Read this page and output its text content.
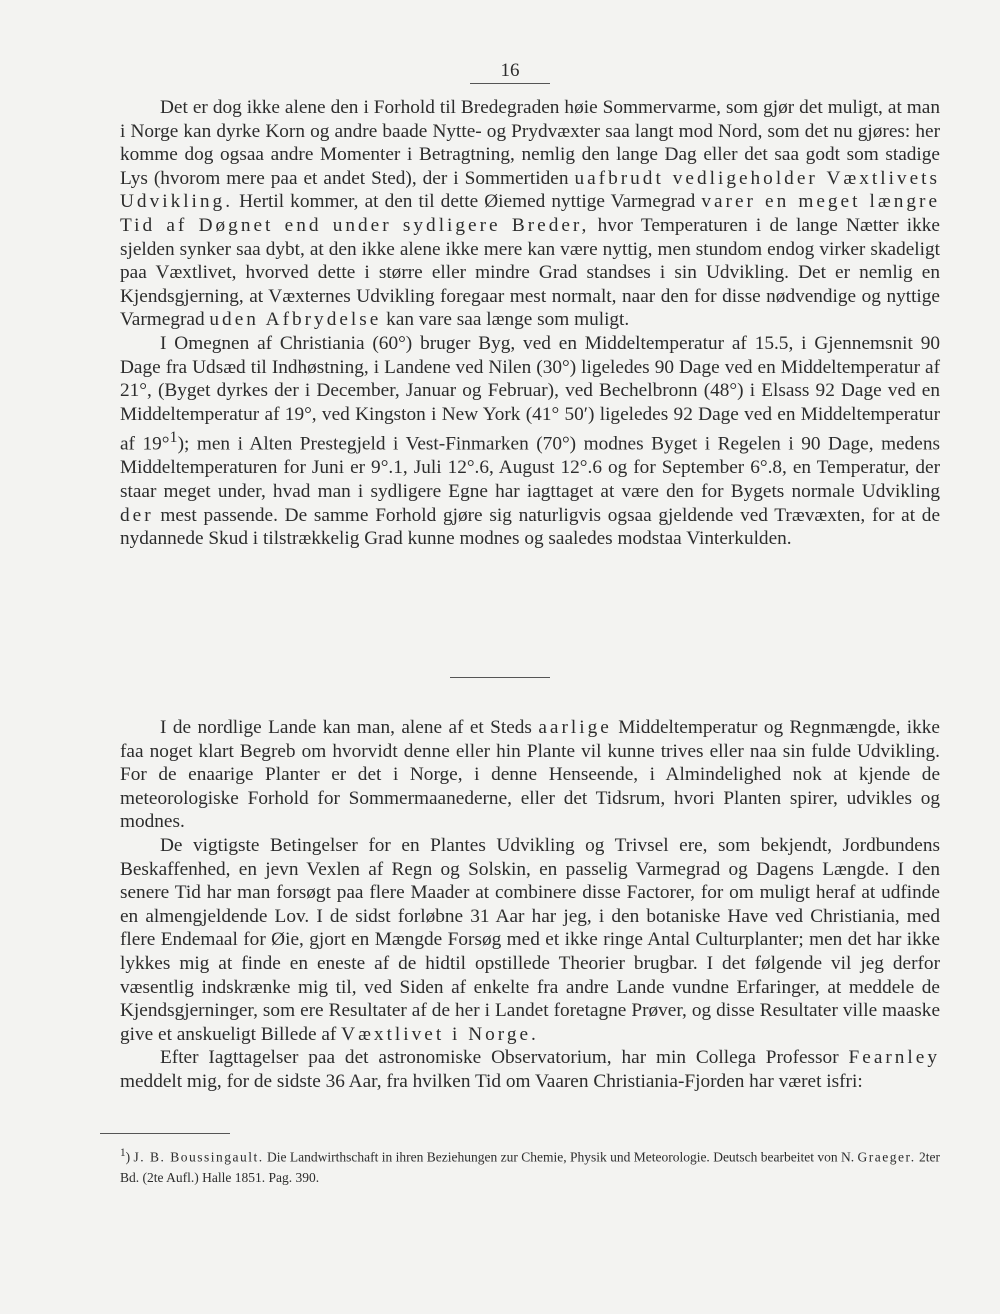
16

Det er dog ikke alene den i Forhold til Bredegraden høie Sommervarme, som gjør det muligt, at man i Norge kan dyrke Korn og andre baade Nytte- og Prydvæxter saa langt mod Nord, som det nu gjøres: her komme dog ogsaa andre Momenter i Betragtning, nemlig den lange Dag eller det saa godt som stadige Lys (hvorom mere paa et andet Sted), der i Sommertiden uafbrudt vedligeholder Væxtlivets Udvikling. Hertil kommer, at den til dette Øiemed nyttige Varmegrad varer en meget længre Tid af Døgnet end under sydligere Breder, hvor Temperaturen i de lange Nætter ikke sjelden synker saa dybt, at den ikke alene ikke mere kan være nyttig, men stundom endog virker skadeligt paa Væxtlivet, hvorved dette i større eller mindre Grad standses i sin Udvikling. Det er nemlig en Kjendsgjerning, at Væxternes Udvikling foregaar mest normalt, naar den for disse nødvendige og nyttige Varmegrad uden Afbrydelse kan vare saa længe som muligt.

I Omegnen af Christiania (60°) bruger Byg, ved en Middeltemperatur af 15.5, i Gjennemsnit 90 Dage fra Udsæd til Indhøstning, i Landene ved Nilen (30°) ligeledes 90 Dage ved en Middeltemperatur af 21°, (Byget dyrkes der i December, Januar og Februar), ved Bechelbronn (48°) i Elsass 92 Dage ved en Middeltemperatur af 19°, ved Kingston i New York (41° 50′) ligeledes 92 Dage ved en Middeltemperatur af 19°$^1$); men i Alten Prestegjeld i Vest-Finmarken (70°) modnes Byget i Regelen i 90 Dage, medens Middeltemperaturen for Juni er 9°.1, Juli 12°.6, August 12°.6 og for September 6°.8, en Temperatur, der staar meget under, hvad man i sydligere Egne har iagttaget at være den for Bygets normale Udvikling der mest passende. De samme Forhold gjøre sig naturligvis ogsaa gjeldende ved Trævæxten, for at de nydannede Skud i tilstrækkelig Grad kunne modnes og saaledes modstaa Vinterkulden.

I de nordlige Lande kan man, alene af et Steds aarlige Middeltemperatur og Regnmængde, ikke faa noget klart Begreb om hvorvidt denne eller hin Plante vil kunne trives eller naa sin fulde Udvikling. For de enaarige Planter er det i Norge, i denne Henseende, i Almindelighed nok at kjende de meteorologiske Forhold for Sommermaanederne, eller det Tidsrum, hvori Planten spirer, udvikles og modnes.

De vigtigste Betingelser for en Plantes Udvikling og Trivsel ere, som bekjendt, Jordbundens Beskaffenhed, en jevn Vexlen af Regn og Solskin, en passelig Varmegrad og Dagens Længde. I den senere Tid har man forsøgt paa flere Maader at combinere disse Factorer, for om muligt heraf at udfinde en almengjeldende Lov. I de sidst forløbne 31 Aar har jeg, i den botaniske Have ved Christiania, med flere Endemaal for Øie, gjort en Mængde Forsøg med et ikke ringe Antal Culturplanter; men det har ikke lykkes mig at finde en eneste af de hidtil opstillede Theorier brugbar. I det følgende vil jeg derfor væsentlig indskrænke mig til, ved Siden af enkelte fra andre Lande vundne Erfaringer, at meddele de Kjendsgjerninger, som ere Resultater af de her i Landet foretagne Prøver, og disse Resultater ville maaske give et anskueligt Billede af Væxtlivet i Norge.

Efter Iagttagelser paa det astronomiske Observatorium, har min Collega Professor Fearnley meddelt mig, for de sidste 36 Aar, fra hvilken Tid om Vaaren Christiania-Fjorden har været isfri:

$^1$) J. B. Boussingault. Die Landwirthschaft in ihren Beziehungen zur Chemie, Physik und Meteorologie. Deutsch bearbeitet von N. Graeger. 2ter Bd. (2te Aufl.) Halle 1851. Pag. 390.
